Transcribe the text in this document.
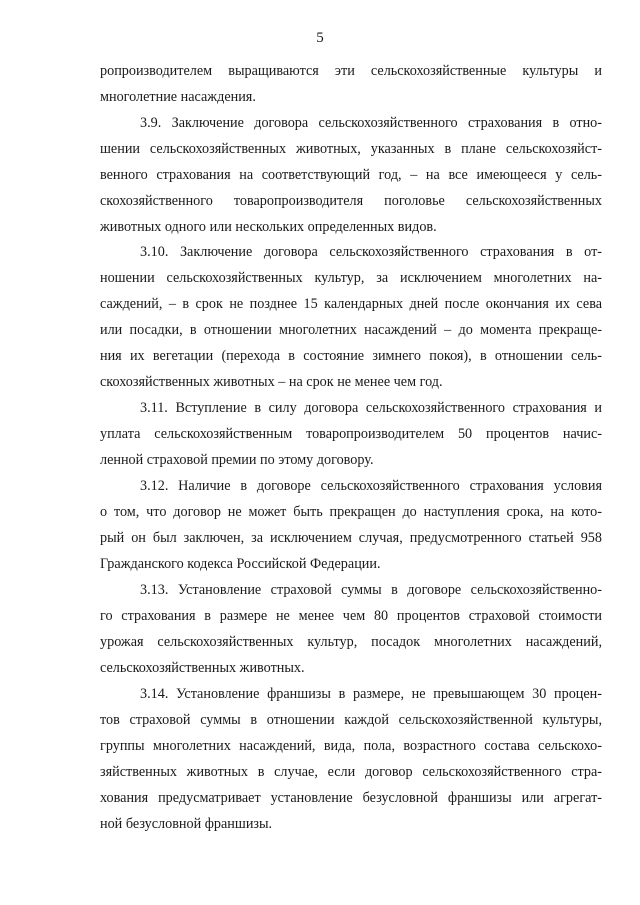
5
ропроизводителем выращиваются эти сельскохозяйственные культуры и
многолетние насаждения.
3.9. Заключение договора сельскохозяйственного страхования в отно-
шении сельскохозяйственных животных, указанных в плане сельскохозяйст-
венного страхования на соответствующий год, – на все имеющееся у сель-
скохозяйственного товаропроизводителя поголовье сельскохозяйственных
животных одного или нескольких определенных видов.
3.10. Заключение договора сельскохозяйственного страхования в от-
ношении сельскохозяйственных культур, за исключением многолетних на-
саждений, – в срок не позднее 15 календарных дней после окончания их сева
или посадки, в отношении многолетних насаждений – до момента прекраще-
ния их вегетации (перехода в состояние зимнего покоя), в отношении сель-
скохозяйственных животных – на срок не менее чем год.
3.11. Вступление в силу договора сельскохозяйственного страхования и
уплата сельскохозяйственным товаропроизводителем 50 процентов начис-
ленной страховой премии по этому договору.
3.12. Наличие в договоре сельскохозяйственного страхования условия
о том, что договор не может быть прекращен до наступления срока, на кото-
рый он был заключен, за исключением случая, предусмотренного статьей 958
Гражданского кодекса Российской Федерации.
3.13. Установление страховой суммы в договоре сельскохозяйственно-
го страхования в размере не менее чем 80 процентов страховой стоимости
урожая сельскохозяйственных культур, посадок многолетних насаждений,
сельскохозяйственных животных.
3.14. Установление франшизы в размере, не превышающем 30 процен-
тов страховой суммы в отношении каждой сельскохозяйственной культуры,
группы многолетних насаждений, вида, пола, возрастного состава сельскохо-
зяйственных животных в случае, если договор сельскохозяйственного стра-
хования предусматривает установление безусловной франшизы или агрегат-
ной безусловной франшизы.
